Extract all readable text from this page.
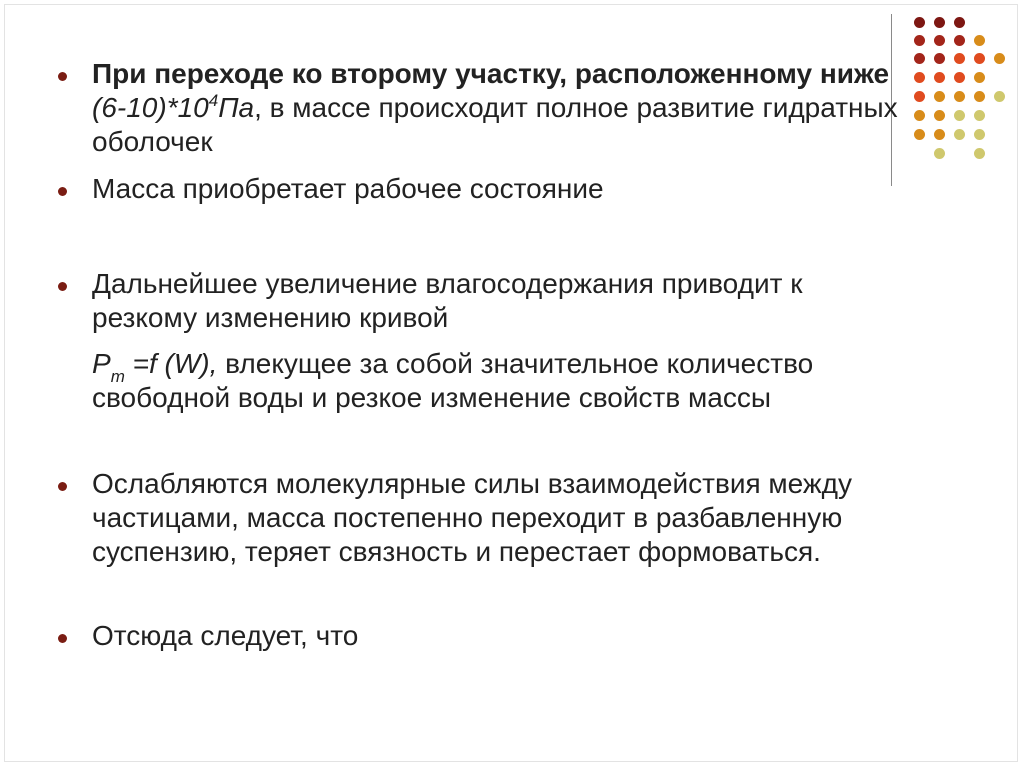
При переходе ко второму участку, расположенному ниже $(6-10)*10^4Па$, в массе происходит полное развитие гидратных оболочек
Масса приобретает рабочее состояние
Дальнейшее увеличение влагосодержания приводит к резкому изменению кривой
$P_m =f$ (W), влекущее за собой значительное количество свободной воды и резкое изменение свойств массы
Ослабляются молекулярные силы взаимодействия между частицами, масса постепенно переходит в разбавленную суспензию, теряет связность и перестает формоваться.
Отсюда следует, что
